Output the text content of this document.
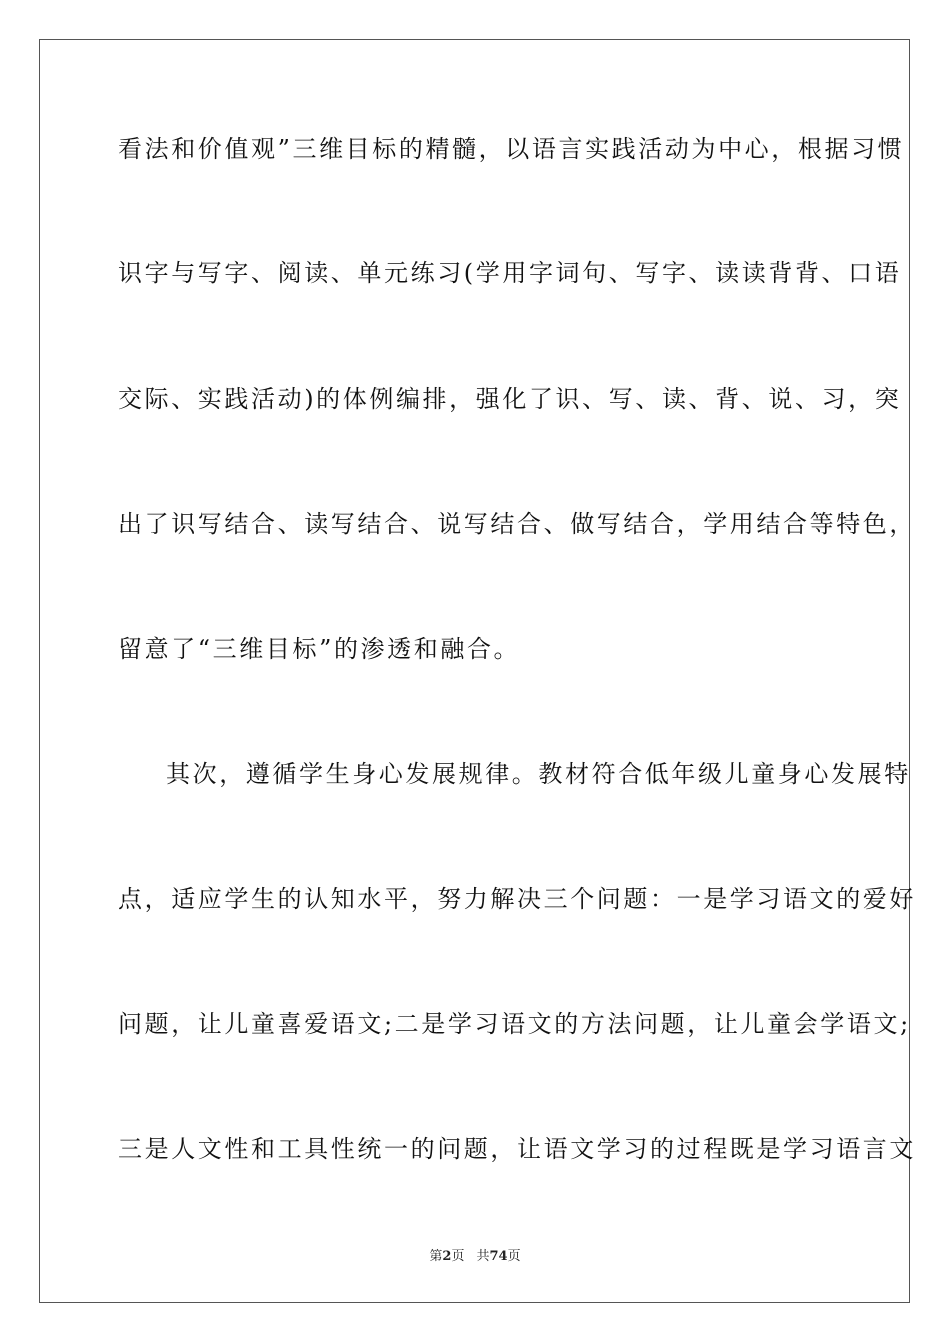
看法和价值观”三维目标的精髓，以语言实践活动为中心，根据习惯
识字与写字、阅读、单元练习(学用字词句、写字、读读背背、口语
交际、实践活动)的体例编排，强化了识、写、读、背、说、习，突
出了识写结合、读写结合、说写结合、做写结合，学用结合等特色，
留意了“三维目标”的渗透和融合。
其次，遵循学生身心发展规律。教材符合低年级儿童身心发展特
点，适应学生的认知水平，努力解决三个问题：一是学习语文的爱好
问题，让儿童喜爱语文;二是学习语文的方法问题，让儿童会学语文;
三是人文性和工具性统一的问题，让语文学习的过程既是学习语言文
第2页 共74页
